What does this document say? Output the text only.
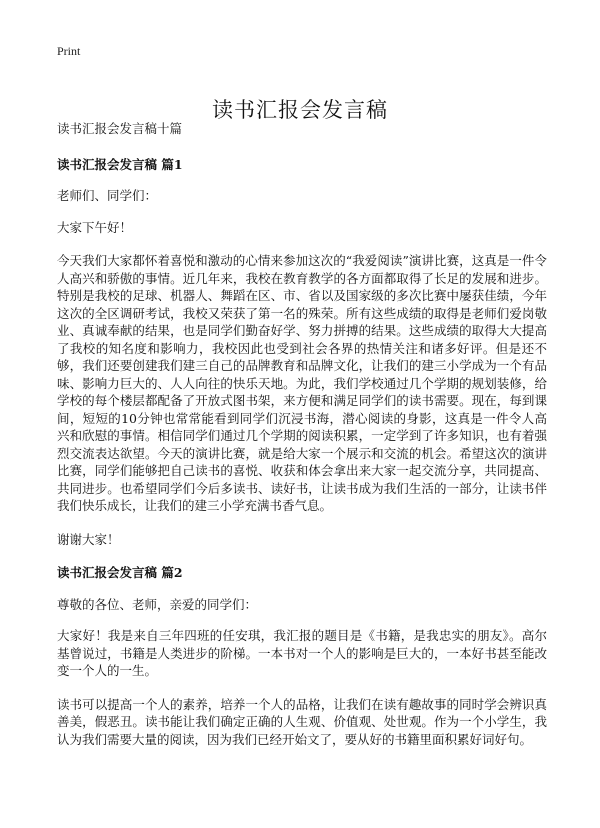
Print
读书汇报会发言稿

读书汇报会发言稿十篇

读书汇报会发言稿 篇1

老师们、同学们：

大家下午好！

今天我们大家都怀着喜悦和激动的心情来参加这次的“我爱阅读”演讲比赛，这真是一件令人高兴和骄傲的事情。近几年来，我校在教育教学的各方面都取得了长足的发展和进步。特别是我校的足球、机器人、舞蹈在区、市、省以及国家级的多次比赛中屡获佳绩，今年这次的全区调研考试，我校又荣获了第一名的殊荣。所有这些成绩的取得是老师们爱岗敬业、真诚奉献的结果，也是同学们勤奋好学、努力拼搏的结果。这些成绩的取得大大提高了我校的知名度和影响力，我校因此也受到社会各界的热情关注和诸多好评。但是还不够，我们还要创建我们建三自己的品牌教育和品牌文化，让我们的建三小学成为一个有品味、影响力巨大的、人人向往的快乐天地。为此，我们学校通过几个学期的规划装修，给学校的每个楼层都配备了开放式图书架，来方便和满足同学们的读书需要。现在，每到课间，短短的10分钟也常常能看到同学们沉浸书海，潜心阅读的身影，这真是一件令人高兴和欣慰的事情。相信同学们通过几个学期的阅读积累，一定学到了许多知识，也有着强烈交流表达欲望。今天的演讲比赛，就是给大家一个展示和交流的机会。希望这次的演讲比赛，同学们能够把自己读书的喜悦、收获和体会拿出来大家一起交流分享，共同提高、共同进步。也希望同学们今后多读书、读好书，让读书成为我们生活的一部分，让读书伴我们快乐成长，让我们的建三小学充满书香气息。

谢谢大家！

读书汇报会发言稿 篇2

尊敬的各位、老师，亲爱的同学们：

大家好！我是来自三年四班的任安琪，我汇报的题目是《书籍，是我忠实的朋友》。高尔基曾说过，书籍是人类进步的阶梯。一本书对一个人的影响是巨大的，一本好书甚至能改变一个人的一生。

读书可以提高一个人的素养，培养一个人的品格，让我们在读有趣故事的同时学会辨识真善美，假恶丑。读书能让我们确定正确的人生观、价值观、处世观。作为一个小学生，我认为我们需要大量的阅读，因为我们已经开始文了，要从好的书籍里面积累好词好句。
